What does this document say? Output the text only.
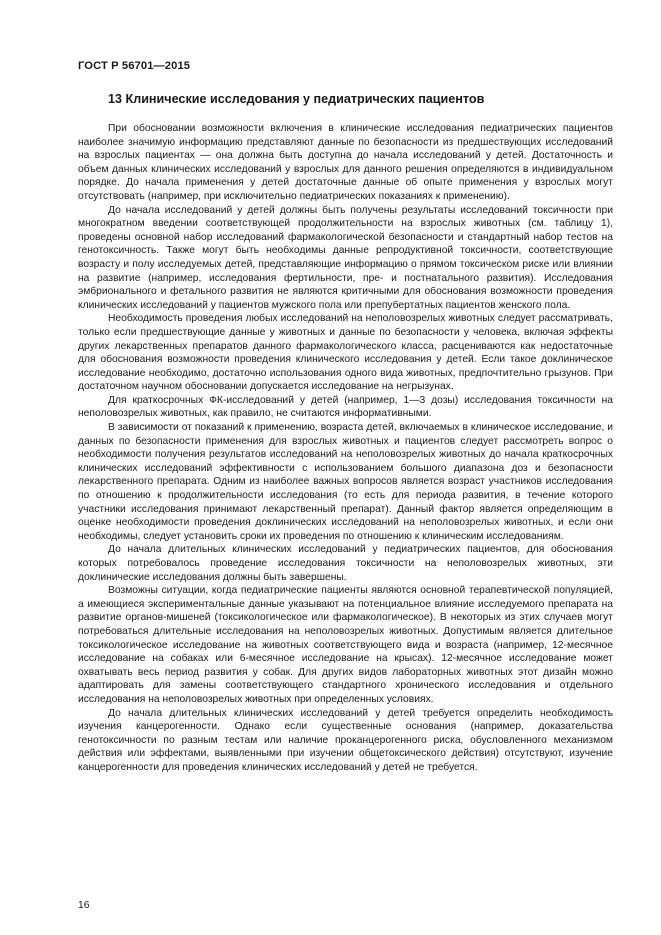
ГОСТ Р 56701—2015
13 Клинические исследования у педиатрических пациентов

При обосновании возможности включения в клинические исследования педиатрических пациентов наиболее значимую информацию представляют данные по безопасности из предшествующих исследований на взрослых пациентах — она должна быть доступна до начала исследований у детей. Достаточность и объем данных клинических исследований у взрослых для данного решения определяются в индивидуальном порядке. До начала применения у детей достаточные данные об опыте применения у взрослых могут отсутствовать (например, при исключительно педиатрических показаниях к применению).

До начала исследований у детей должны быть получены результаты исследований токсичности при многократном введении соответствующей продолжительности на взрослых животных (см. таблицу 1), проведены основной набор исследований фармакологической безопасности и стандартный набор тестов на генотоксичность. Также могут быть необходимы данные репродуктивной токсичности, соответствующие возрасту и полу исследуемых детей, представляющие информацию о прямом токсическом риске или влиянии на развитие (например, исследования фертильности, пре- и постнатального развития). Исследования эмбрионального и фетального развития не являются критичными для обоснования возможности проведения клинических исследований у пациентов мужского пола или препубертатных пациентов женского пола.

Необходимость проведения любых исследований на неполовозрелых животных следует рассматривать, только если предшествующие данные у животных и данные по безопасности у человека, включая эффекты других лекарственных препаратов данного фармакологического класса, расцениваются как недостаточные для обоснования возможности проведения клинического исследования у детей. Если такое доклиническое исследование необходимо, достаточно использования одного вида животных, предпочтительно грызунов. При достаточном научном обосновании допускается исследование на негрызунах.

Для краткосрочных ФК-исследований у детей (например, 1—3 дозы) исследования токсичности на неполовозрелых животных, как правило, не считаются информативными.

В зависимости от показаний к применению, возраста детей, включаемых в клиническое исследование, и данных по безопасности применения для взрослых животных и пациентов следует рассмотреть вопрос о необходимости получения результатов исследований на неполовозрелых животных до начала краткосрочных клинических исследований эффективности с использованием большого диапазона доз и безопасности лекарственного препарата. Одним из наиболее важных вопросов является возраст участников исследования по отношению к продолжительности исследования (то есть для периода развития, в течение которого участники исследования принимают лекарственный препарат). Данный фактор является определяющим в оценке необходимости проведения доклинических исследований на неполовозрелых животных, и если они необходимы, следует установить сроки их проведения по отношению к клиническим исследованиям.

До начала длительных клинических исследований у педиатрических пациентов, для обоснования которых потребовалось проведение исследования токсичности на неполовозрелых животных, эти доклинические исследования должны быть завершены.

Возможны ситуации, когда педиатрические пациенты являются основной терапевтической популяцией, а имеющиеся экспериментальные данные указывают на потенциальное влияние исследуемого препарата на развитие органов-мишеней (токсикологическое или фармакологическое). В некоторых из этих случаев могут потребоваться длительные исследования на неполовозрелых животных. Допустимым является длительное токсикологическое исследование на животных соответствующего вида и возраста (например, 12-месячное исследование на собаках или 6-месячное исследование на крысах). 12-месячное исследование может охватывать весь период развития у собак. Для других видов лабораторных животных этот дизайн можно адаптировать для замены соответствующего стандартного хронического исследования и отдельного исследования на неполовозрелых животных при определенных условиях.

До начала длительных клинических исследований у детей требуется определить необходимость изучения канцерогенности. Однако если существенные основания (например, доказательства генотоксичности по разным тестам или наличие проканцерогенного риска, обусловленного механизмом действия или эффектами, выявленными при изучении общетоксического действия) отсутствуют, изучение канцерогенности для проведения клинических исследований у детей не требуется.

16
